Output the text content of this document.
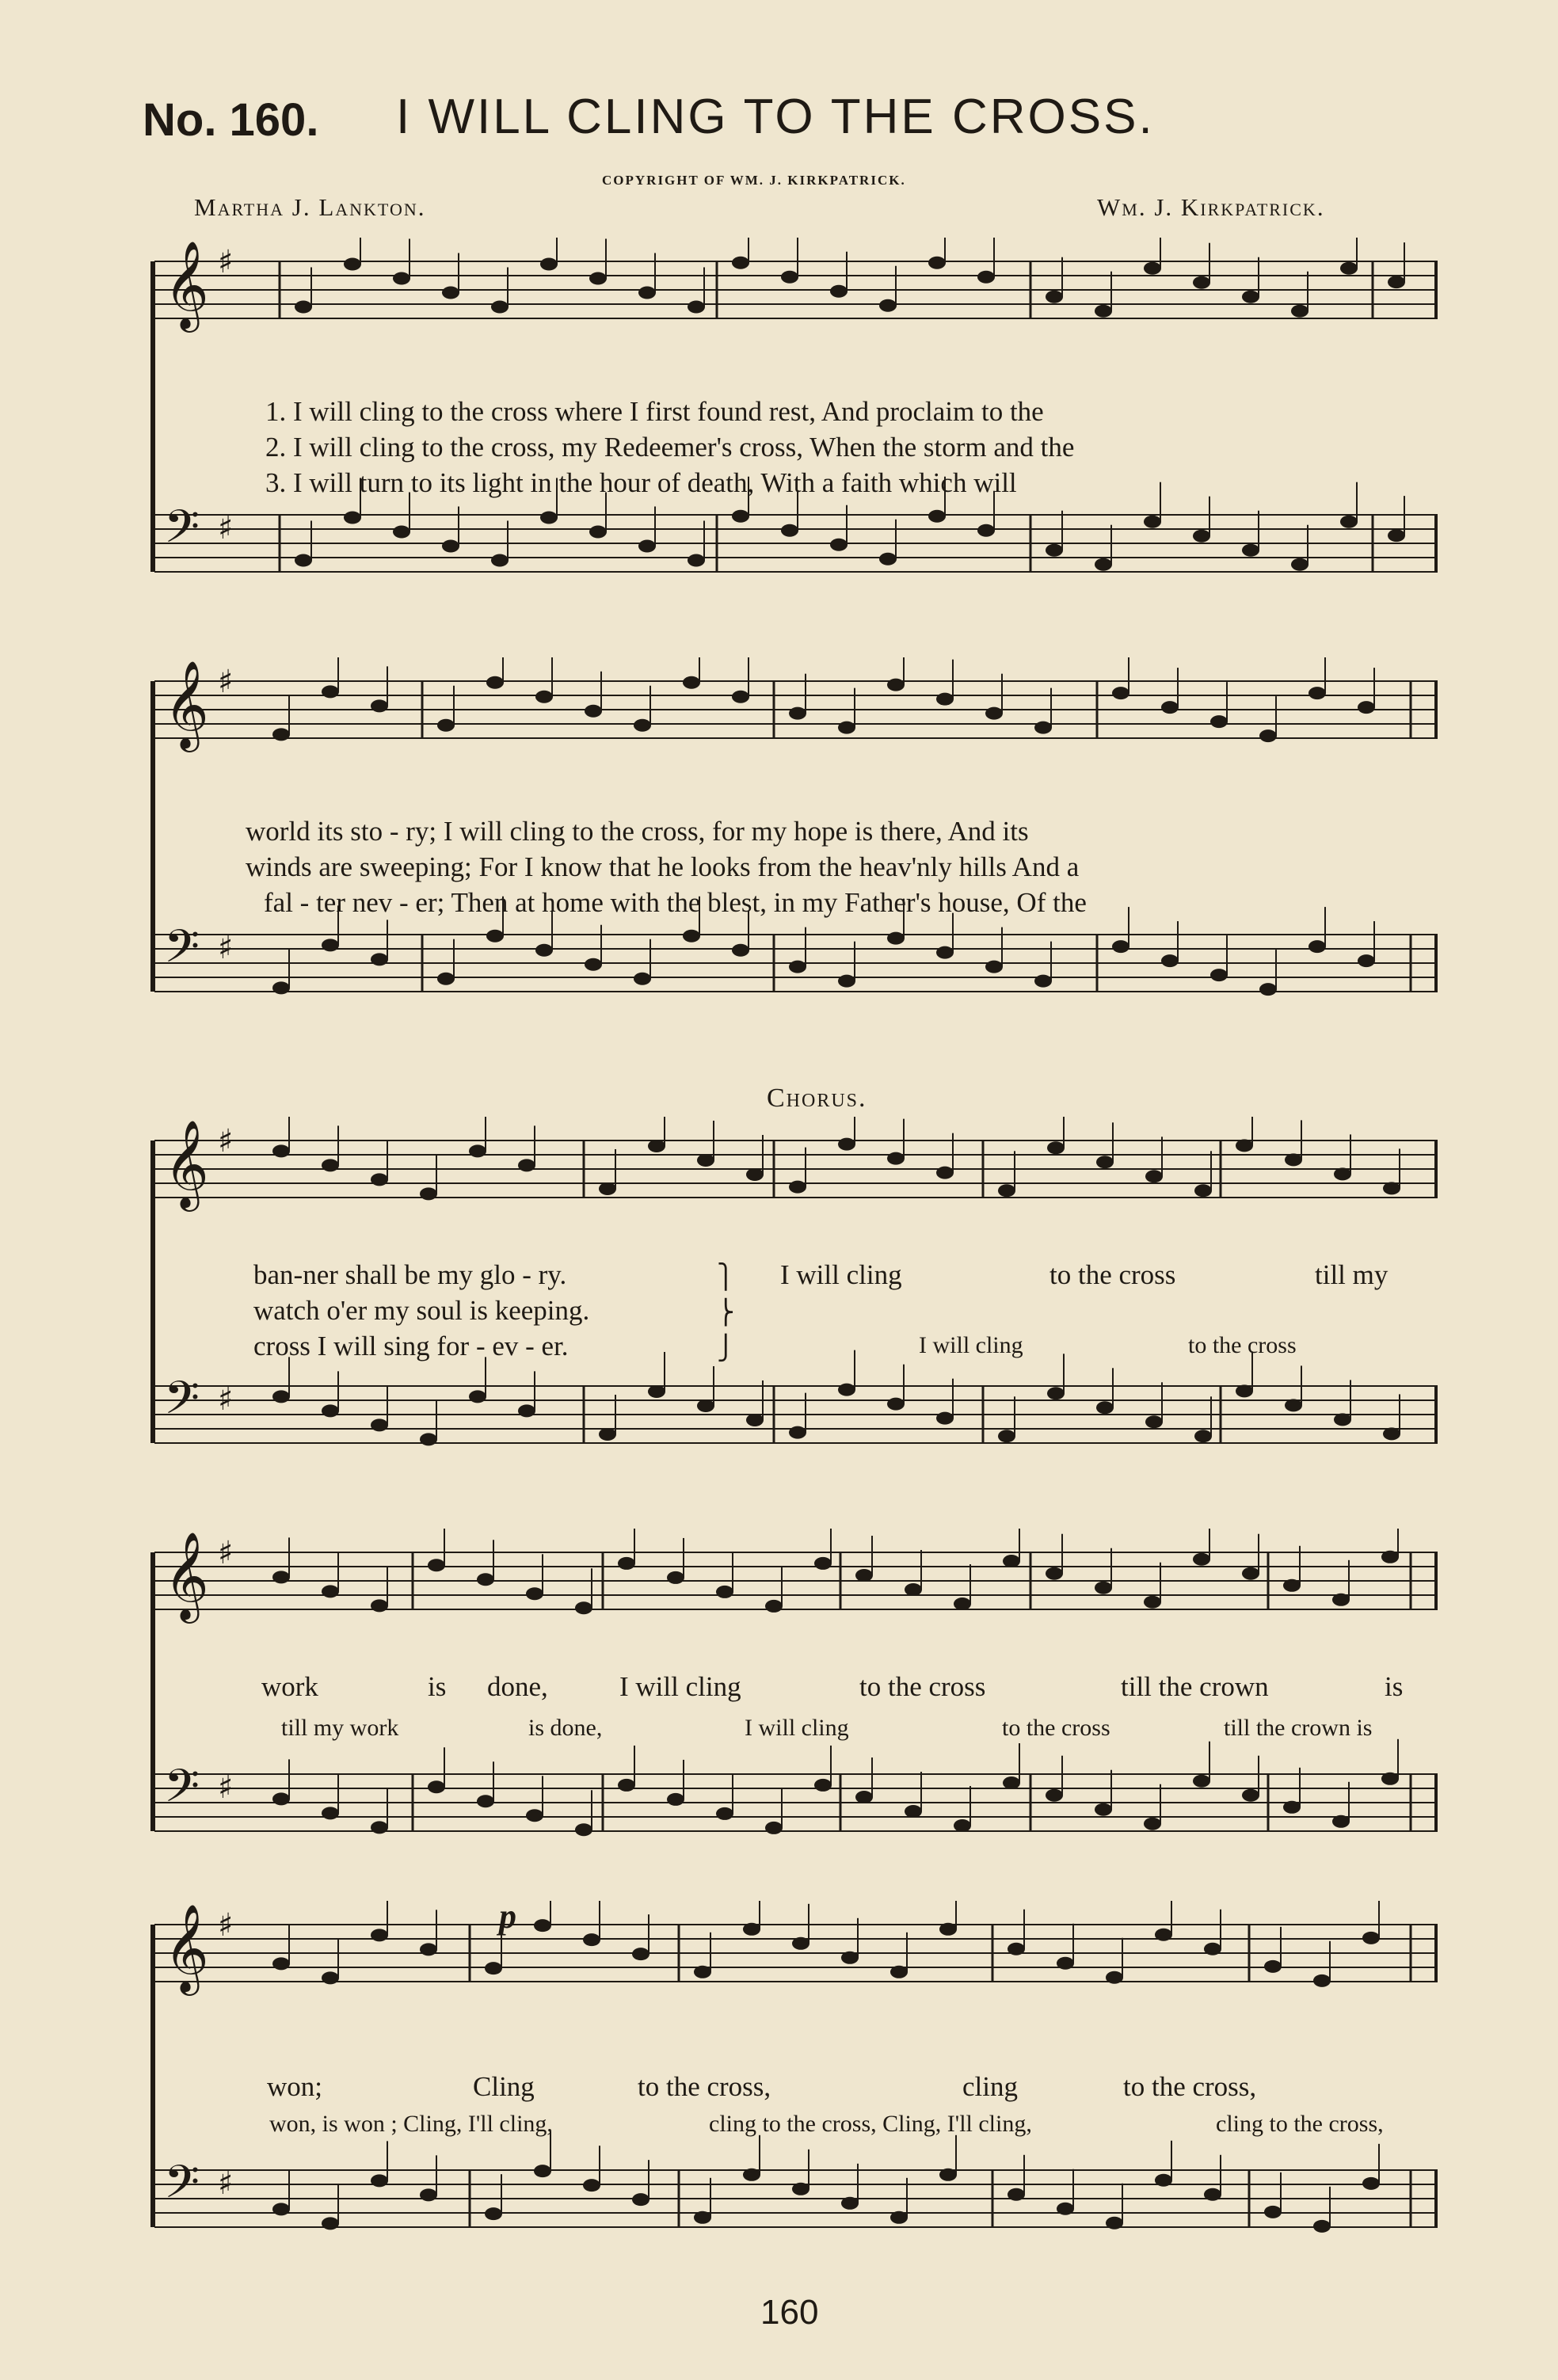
No. 160. I WILL CLING TO THE CROSS.
COPYRIGHT OF WM. J. KIRKPATRICK.
Martha J. Lankton.	Wm. J. Kirkpatrick.
𝄞 ♯
𝄢 ♯
1. I will cling to the cross where I first found rest, And proclaim to the
2. I will cling to the cross, my Redeemer's cross, When the storm and the
3. I will turn to its light in the hour of death, With a faith which will
𝄞 ♯
𝄢 ♯
world its sto - ry; I will cling to the cross, for my hope is there, And its
winds are sweeping; For I know that he looks from the heav'nly hills And a
fal - ter nev - er; Then at home with the blest, in my Father's house, Of the
Chorus.
𝄞 ♯
𝄢 ♯
ban-ner shall be my glo - ry.
watch o'er my soul is keeping.
cross I will sing for - ev - er.
⎫
⎬
⎭
I will cling	to the cross	till my
I will cling	to the cross
𝄞 ♯
𝄢 ♯
work	is done,	I will cling	to the cross	till the crown	is
till my work	is done,	I will cling	to the cross	till the crown is
𝄞 ♯
𝄢 ♯
p
won;	Cling	to the cross,	cling	to the cross,
won, is won ; Cling, I'll cling,	cling to the cross, Cling, I'll cling,	cling to the cross,
160
